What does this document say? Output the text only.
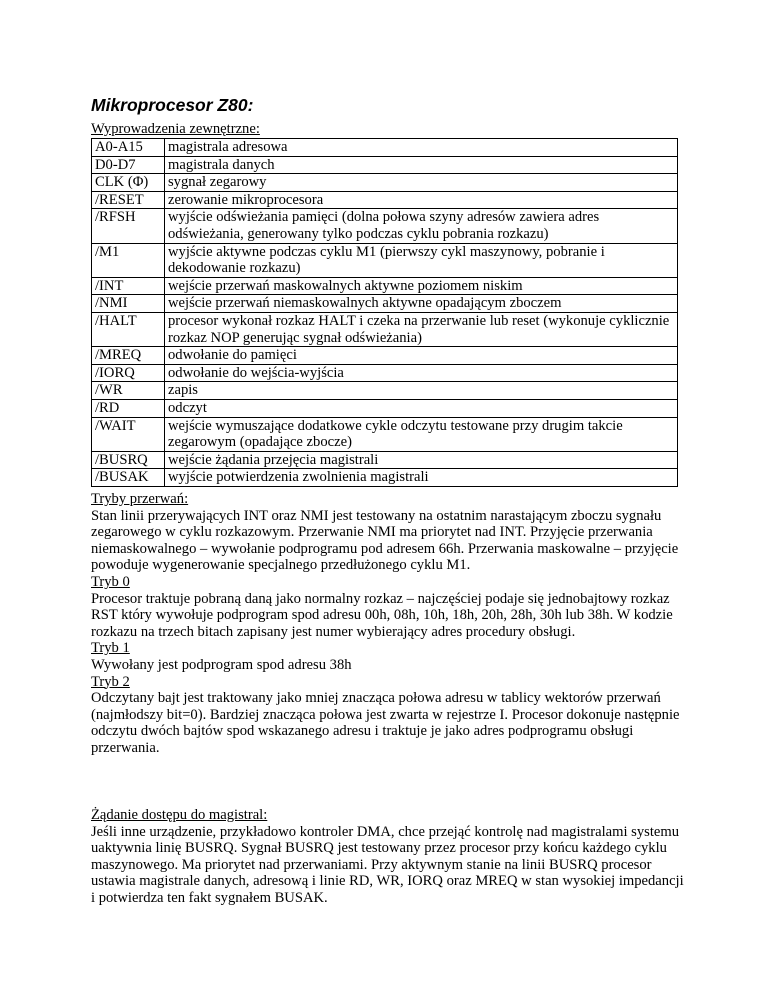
Mikroprocesor Z80:
Wyprowadzenia zewnętrzne:
A0-A15	magistrala adresowa
D0-D7	magistrala danych
CLK (Φ)	sygnał zegarowy
/RESET	zerowanie mikroprocesora
/RFSH	wyjście odświeżania pamięci (dolna połowa szyny adresów zawiera adres odświeżania, generowany tylko podczas cyklu pobrania rozkazu)
/M1	wyjście aktywne podczas cyklu M1 (pierwszy cykl maszynowy, pobranie i dekodowanie rozkazu)
/INT	wejście przerwań maskowalnych aktywne poziomem niskim
/NMI	wejście przerwań niemaskowalnych aktywne opadającym zboczem
/HALT	procesor wykonał rozkaz HALT i czeka na przerwanie lub reset (wykonuje cyklicznie rozkaz NOP generując sygnał odświeżania)
/MREQ	odwołanie do pamięci
/IORQ	odwołanie do wejścia-wyjścia
/WR	zapis
/RD	odczyt
/WAIT	wejście wymuszające dodatkowe cykle odczytu testowane przy drugim takcie zegarowym (opadające zbocze)
/BUSRQ	wejście żądania przejęcia magistrali
/BUSAK	wyjście potwierdzenia zwolnienia magistrali
Tryby przerwań:
Stan linii przerywających INT oraz NMI jest testowany na ostatnim narastającym zboczu sygnału zegarowego w cyklu rozkazowym. Przerwanie NMI ma priorytet nad INT. Przyjęcie przerwania niemaskowalnego – wywołanie podprogramu pod adresem 66h. Przerwania maskowalne – przyjęcie powoduje wygenerowanie specjalnego przedłużonego cyklu M1.
Tryb 0
Procesor traktuje pobraną daną jako normalny rozkaz – najczęściej podaje się jednobajtowy rozkaz RST który wywołuje podprogram spod adresu 00h, 08h, 10h, 18h, 20h, 28h, 30h lub 38h. W kodzie rozkazu na trzech bitach zapisany jest numer wybierający adres procedury obsługi.
Tryb 1
Wywołany jest podprogram spod adresu 38h
Tryb 2
Odczytany bajt jest traktowany jako mniej znacząca połowa adresu w tablicy wektorów przerwań (najmłodszy bit=0). Bardziej znacząca połowa jest zwarta w rejestrze I. Procesor dokonuje następnie odczytu dwóch bajtów spod wskazanego adresu i traktuje je jako adres podprogramu obsługi przerwania.
Żądanie dostępu do magistral:
Jeśli inne urządzenie, przykładowo kontroler DMA, chce przejąć kontrolę nad magistralami systemu uaktywnia linię BUSRQ. Sygnał BUSRQ jest testowany przez procesor przy końcu każdego cyklu maszynowego. Ma priorytet nad przerwaniami. Przy aktywnym stanie na linii BUSRQ procesor ustawia magistrale danych, adresową i linie RD, WR, IORQ oraz MREQ w stan wysokiej impedancji i potwierdza ten fakt sygnałem BUSAK.
